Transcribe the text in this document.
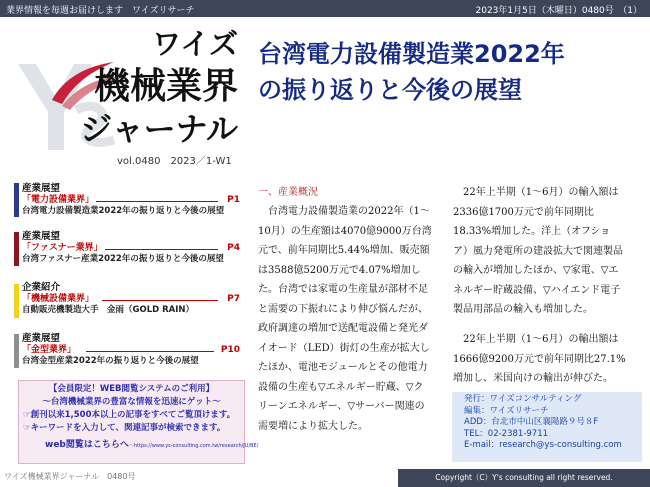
業界情報を毎週お届けします　ワイズリサーチ	2023年1月5日（木曜日）0480号　（1）
ワイズ
機械業界
ジャーナル
vol.0480　2023／1-W1
台湾電力設備製造業2022年
の振り返りと今後の展望
産業展望
「電力設備業界」	P1
台湾電力設備製造業2022年の振り返りと今後の展望
産業展望
「ファスナー業界」	P4
台湾ファスナー産業2022年の振り返りと今後の展望
企業紹介
「機械設備業界」	P7
自動販売機製造大手　金雨（GOLD RAIN）
産業展望
「金型業界」	P10
台湾金型産業2022年の振り返りと今後の展望
【会員限定！WEB閲覧システムのご利用】
～台湾機械業界の豊富な情報を迅速にゲット～
☞創刊以来1,500本以上の記事をすべてご覧頂けます。
☞キーワードを入力して、関連記事が検索できます。
web閲覧はこちらへ～https://www.ys-consulting.com.tw/research/JU/BE/
一、産業概況
　台湾電力設備製造業の2022年（1～
10月）の生産額は4070億9000万台湾
元で、前年同期比5.44%増加、販売額
は3588億5200万元で4.07%増加し
た。台湾では家電の生産量が部材不足
と需要の下振れにより伸び悩んだが、
政府調達の増加で送配電設備と発光ダ
イオード（LED）街灯の生産が拡大し
たほか、電池モジュールとその他電力
設備の生産も▽エネルギー貯蔵、▽ク
リーンエネルギー、▽サーバー関連の
需要増により拡大した。
　22年上半期（1～6月）の輸入額は
2336億1700万元で前年同期比
18.33%増加した。洋上（オフショ
ア）風力発電所の建設拡大で関連製品
の輸入が増加したほか、▽家電、▽エ
ネルギー貯蔵設備、▽ハイエンド電子
製品用部品の輸入も増加した。
　22年上半期（1～6月）の輸出額は
1666億9200万元で前年同期比27.1%
増加し、米国向けの輸出が伸びた。
発行：ワイズコンサルティング
編集：ワイズリサーチ
ADD：台北市中山区襄陽路９号８F
TEL：02-2381-9711
E-mail：research@ys-consulting.com
ワイズ機械業界ジャーナル　0480号	Copyright（C）Y's consulting all right reserved.
